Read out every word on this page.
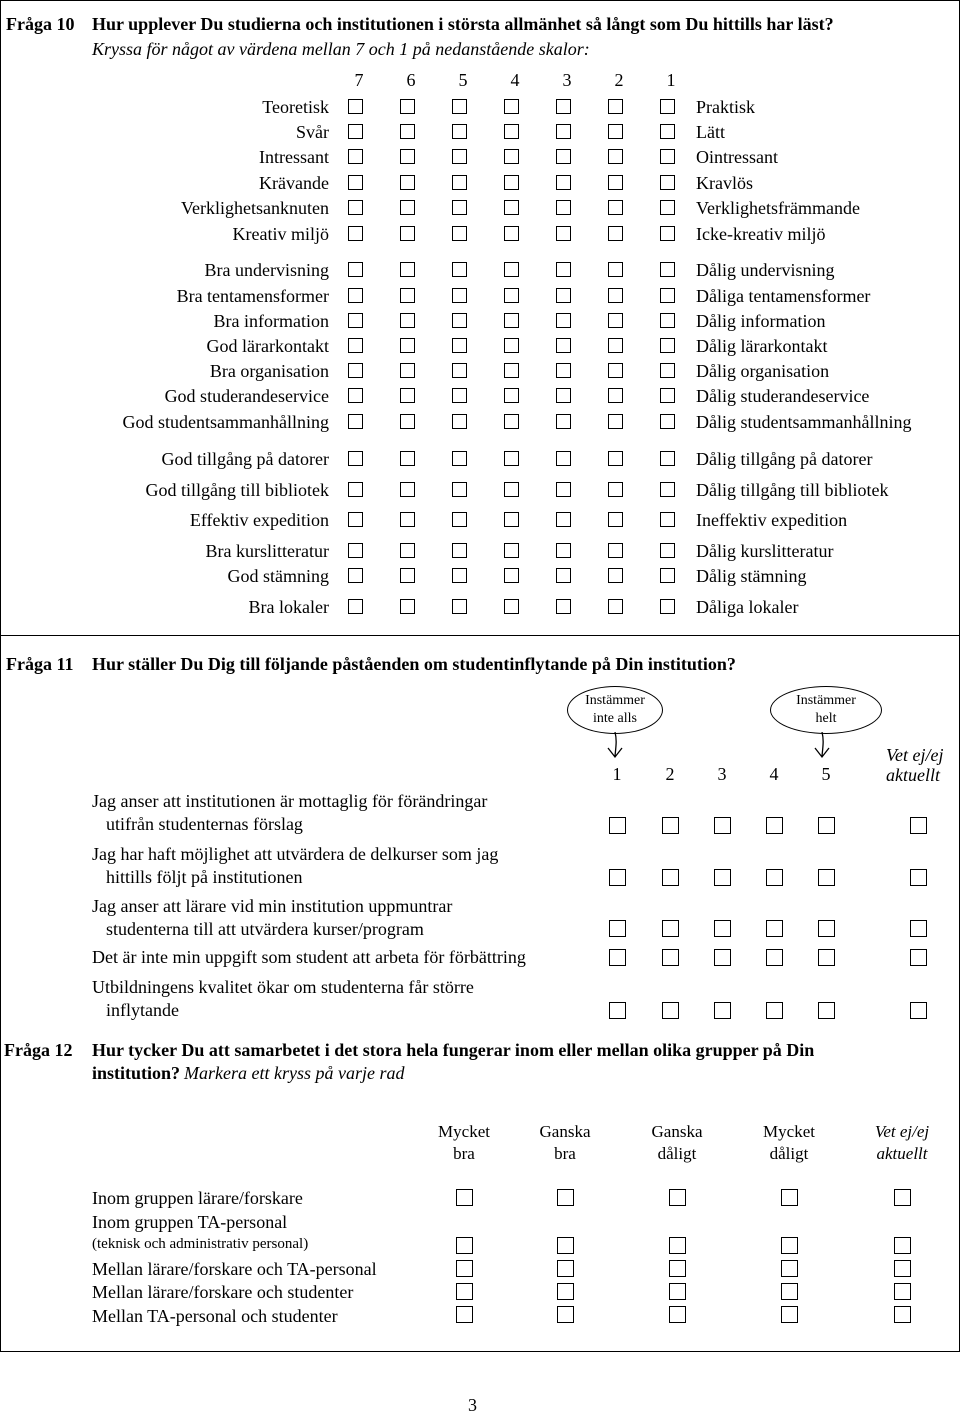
Fråga 10 Hur upplever Du studierna och institutionen i största allmänhet så långt som Du hittills har läst?
Kryssa för något av värdena mellan 7 och 1 på nedanstående skalor:
7	6	5	4	3	2	1
Teoretisk	Praktisk
Svår	Lätt
Intressant	Ointressant
Krävande	Kravlös
Verklighetsanknuten	Verklighetsfrämmande
Kreativ miljö	Icke-kreativ miljö
Bra undervisning	Dålig undervisning
Bra tentamensformer	Dåliga tentamensformer
Bra information	Dålig information
God lärarkontakt	Dålig lärarkontakt
Bra organisation	Dålig organisation
God studerandeservice	Dålig studerandeservice
God studentsammanhållning	Dålig studentsammanhållning
God tillgång på datorer	Dålig tillgång på datorer
God tillgång till bibliotek	Dålig tillgång till bibliotek
Effektiv expedition	Ineffektiv expedition
Bra kurslitteratur	Dålig kurslitteratur
God stämning	Dålig stämning
Bra lokaler	Dåliga lokaler
Fråga 11 Hur ställer Du Dig till följande påståenden om studentinflytande på Din institution?
Instämmer
inte alls
Instämmer
helt
Vet ej/ej
aktuellt
1	2	3	4	5
Jag anser att institutionen är mottaglig för förändringar
utifrån studenternas förslag
Jag har haft möjlighet att utvärdera de delkurser som jag
hittills följt på institutionen
Jag anser att lärare vid min institution uppmuntrar
studenterna till att utvärdera kurser/program
Det är inte min uppgift som student att arbeta för förbättring
Utbildningens kvalitet ökar om studenterna får större
inflytande
Fråga 12 Hur tycker Du att samarbetet i det stora hela fungerar inom eller mellan olika grupper på Din
institution? Markera ett kryss på varje rad
Mycket
bra
Ganska
bra
Ganska
dåligt
Mycket
dåligt
Vet ej/ej
aktuellt
Inom gruppen lärare/forskare
Inom gruppen TA-personal
(teknisk och administrativ personal)
Mellan lärare/forskare och TA-personal
Mellan lärare/forskare och studenter
Mellan TA-personal och studenter
3
